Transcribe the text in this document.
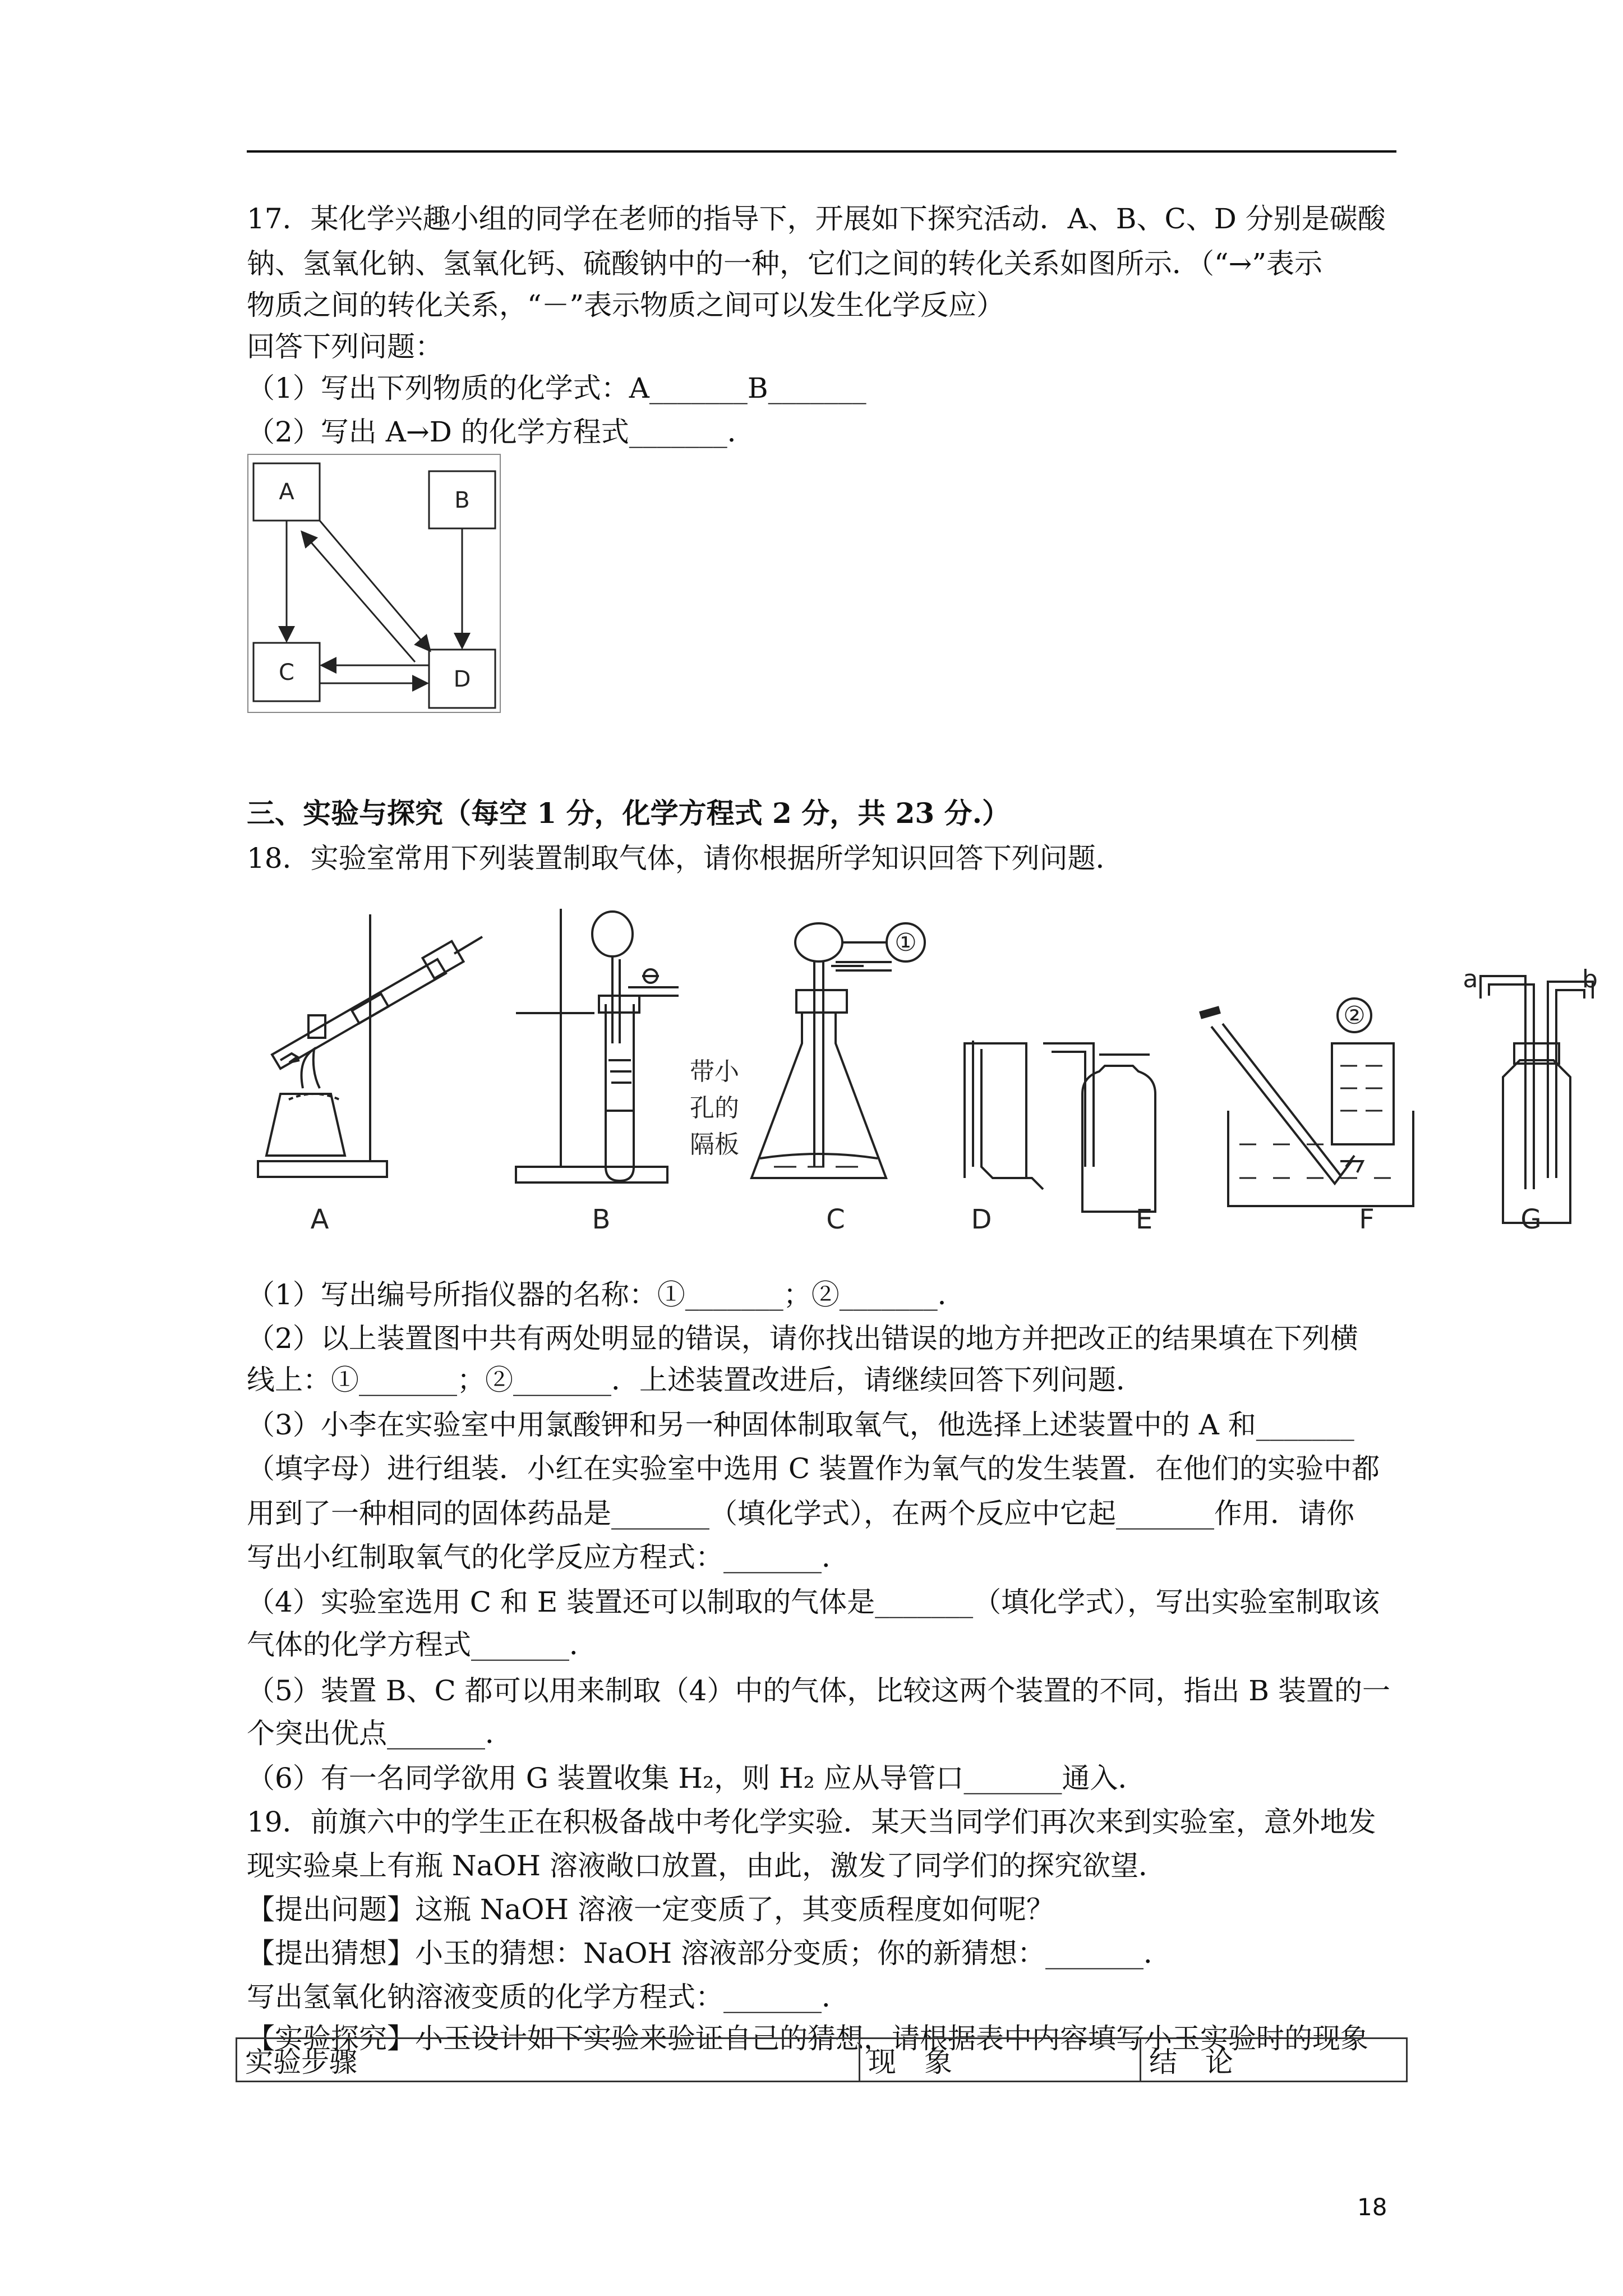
17．某化学兴趣小组的同学在老师的指导下，开展如下探究活动．A、B、C、D 分别是碳酸
钠、氢氧化钠、氢氧化钙、硫酸钠中的一种，它们之间的转化关系如图所示．（“→”表示
物质之间的转化关系，“－”表示物质之间可以发生化学反应）
回答下列问题：
（1）写出下列物质的化学式：A_______B_______
（2）写出 A→D 的化学方程式_______．
A	B
C	D
三、实验与探究（每空 1 分，化学方程式 2 分，共 23 分.）
18．实验室常用下列装置制取气体，请你根据所学知识回答下列问题．
带小
孔的
隔板
①
②
a	b
A	B	C	D	E	F	G
（1）写出编号所指仪器的名称：①_______；②_______．
（2）以上装置图中共有两处明显的错误，请你找出错误的地方并把改正的结果填在下列横
线上：①_______；②_______．上述装置改进后，请继续回答下列问题．
（3）小李在实验室中用氯酸钾和另一种固体制取氧气，他选择上述装置中的 A 和_______
（填字母）进行组装．小红在实验室中选用 C 装置作为氧气的发生装置．在他们的实验中都
用到了一种相同的固体药品是_______（填化学式），在两个反应中它起_______作用．请你
写出小红制取氧气的化学反应方程式：_______．
（4）实验室选用 C 和 E 装置还可以制取的气体是_______（填化学式），写出实验室制取该
气体的化学方程式_______．
（5）装置 B、C 都可以用来制取（4）中的气体，比较这两个装置的不同，指出 B 装置的一
个突出优点_______．
（6）有一名同学欲用 G 装置收集 H₂，则 H₂ 应从导管口_______通入．
19．前旗六中的学生正在积极备战中考化学实验．某天当同学们再次来到实验室，意外地发
现实验桌上有瓶 NaOH 溶液敞口放置，由此，激发了同学们的探究欲望．
【提出问题】这瓶 NaOH 溶液一定变质了，其变质程度如何呢？
【提出猜想】小玉的猜想：NaOH 溶液部分变质；你的新猜想：_______．
写出氢氧化钠溶液变质的化学方程式：_______．
【实验探究】小玉设计如下实验来验证自己的猜想，请根据表中内容填写小玉实验时的现象
实验步骤	现　象	结　论
18
